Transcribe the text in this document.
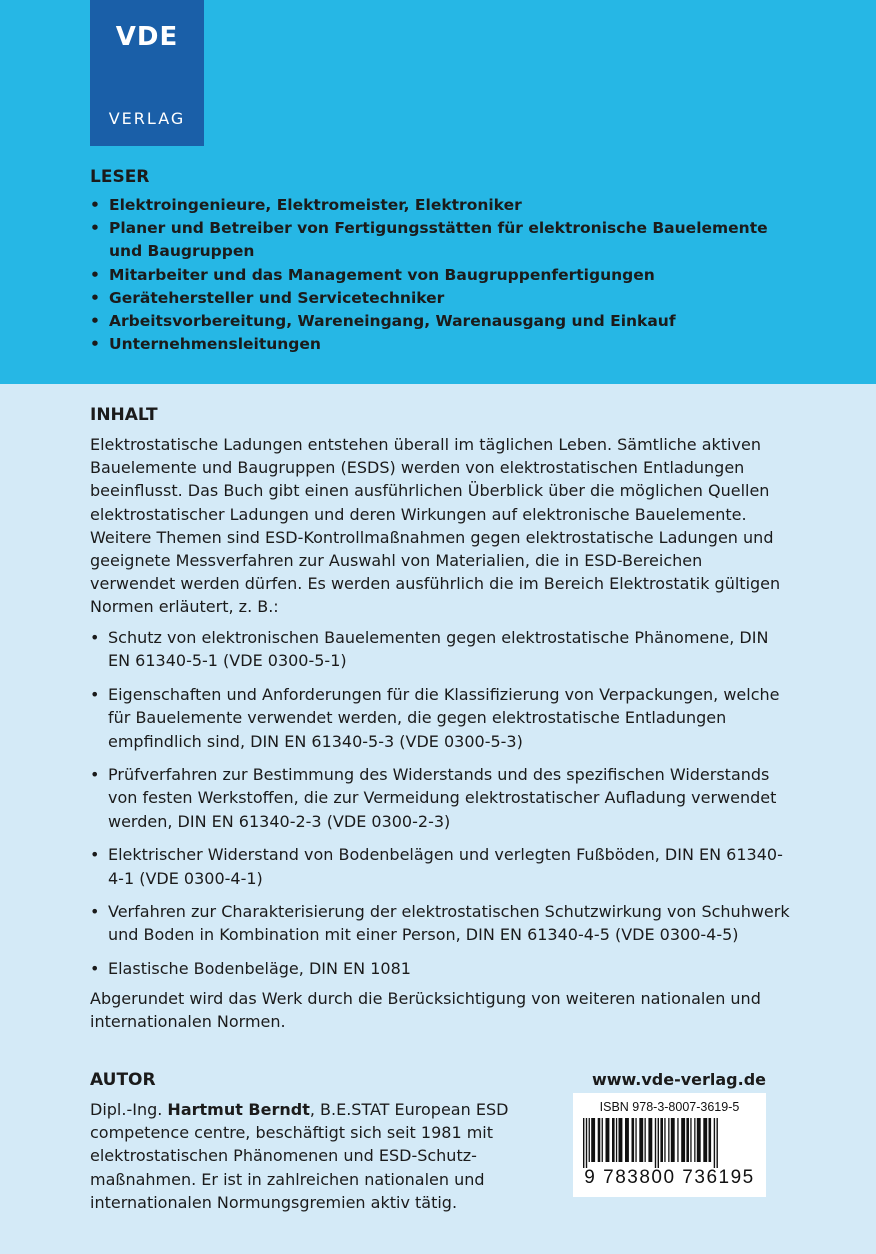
VDE
VERLAG
LESER
• Elektroingenieure, Elektromeister, Elektroniker
• Planer und Betreiber von Fertigungsstätten für elektronische Bauelemente und Baugruppen
• Mitarbeiter und das Management von Baugruppenfertigungen
• Gerätehersteller und Servicetechniker
• Arbeitsvorbereitung, Wareneingang, Warenausgang und Einkauf
• Unternehmensleitungen
INHALT

Elektrostatische Ladungen entstehen überall im täglichen Leben. Sämtliche aktiven Bauelemente und Baugruppen (ESDS) werden von elektrostatischen Entladungen beeinflusst. Das Buch gibt einen ausführlichen Überblick über die möglichen Quellen elektrostatischer Ladungen und deren Wirkungen auf elektronische Bauelemente. Weitere Themen sind ESD-Kontrollmaßnahmen gegen elektrostatische Ladungen und geeignete Messverfahren zur Auswahl von Materialien, die in ESD-Bereichen verwendet werden dürfen. Es werden ausführlich die im Bereich Elektrostatik gültigen Normen erläutert, z. B.:

• Schutz von elektronischen Bauelementen gegen elektrostatische Phänomene, DIN EN 61340-5-1 (VDE 0300-5-1)
• Eigenschaften und Anforderungen für die Klassifizierung von Verpackungen, welche für Bauelemente verwendet werden, die gegen elektrostatische Entladungen empfindlich sind, DIN EN 61340-5-3 (VDE 0300-5-3)
• Prüfverfahren zur Bestimmung des Widerstands und des spezifischen Widerstands von festen Werkstoffen, die zur Vermeidung elektrostatischer Aufladung verwendet werden, DIN EN 61340-2-3 (VDE 0300-2-3)
• Elektrischer Widerstand von Bodenbelägen und verlegten Fußböden, DIN EN 61340-4-1 (VDE 0300-4-1)
• Verfahren zur Charakterisierung der elektrostatischen Schutzwirkung von Schuhwerk und Boden in Kombination mit einer Person, DIN EN 61340-4-5 (VDE 0300-4-5)
• Elastische Bodenbeläge, DIN EN 1081

Abgerundet wird das Werk durch die Berücksichtigung von weiteren nationalen und internationalen Normen.

AUTOR

Dipl.-Ing. Hartmut Berndt, B.E.STAT European ESD competence centre, beschäftigt sich seit 1981 mit elektrostatischen Phänomenen und ESD-Schutzmaßnahmen. Er ist in zahlreichen nationalen und internationalen Normungsgremien aktiv tätig.

www.vde-verlag.de
ISBN 978-3-8007-3619-5
9 783800 736195
